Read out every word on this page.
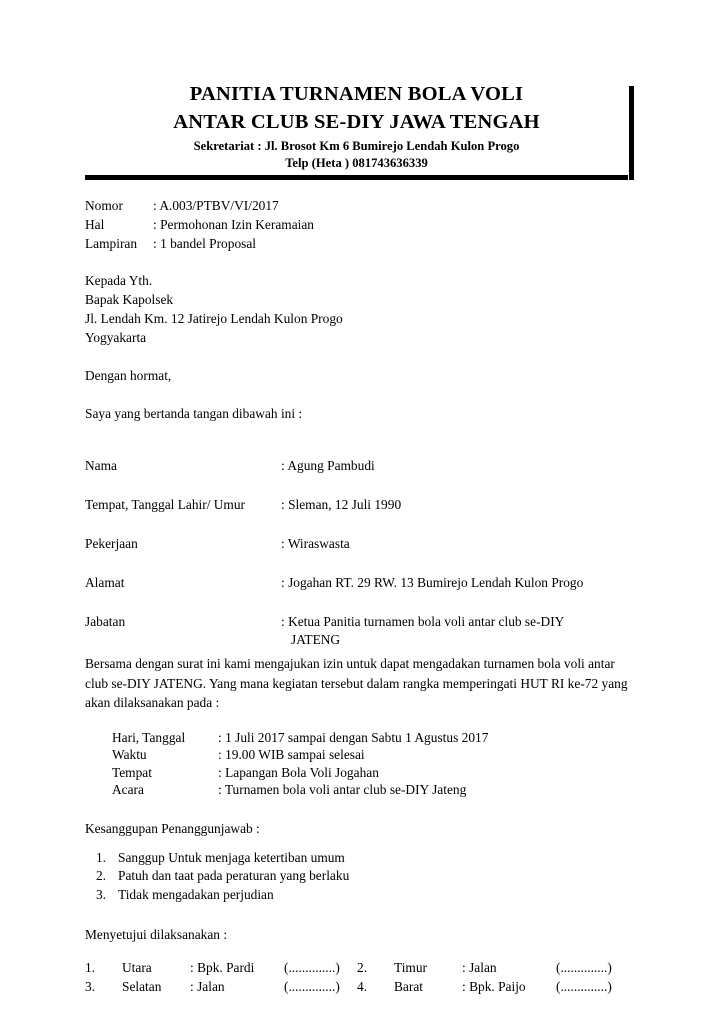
PANITIA TURNAMEN BOLA VOLI
ANTAR CLUB SE-DIY JAWA TENGAH
Sekretariat : Jl. Brosot Km 6 Bumirejo Lendah Kulon Progo
Telp (Heta ) 081743636339
Nomor	: A.003/PTBV/VI/2017
Hal	: Permohonan Izin Keramaian
Lampiran	: 1 bandel Proposal
Kepada Yth.
Bapak Kapolsek
Jl. Lendah Km. 12 Jatirejo Lendah Kulon Progo
Yogyakarta
Dengan hormat,
Saya yang bertanda tangan dibawah ini :
Nama	: Agung Pambudi
Tempat, Tanggal Lahir/ Umur	: Sleman, 12 Juli 1990
Pekerjaan	: Wiraswasta
Alamat	: Jogahan RT. 29 RW. 13 Bumirejo Lendah Kulon Progo
Jabatan	: Ketua Panitia turnamen bola voli antar club se-DIY
JATENG
Bersama dengan surat ini kami mengajukan izin untuk dapat mengadakan turnamen bola voli antar club se-DIY JATENG. Yang mana kegiatan tersebut dalam rangka memperingati HUT RI ke-72 yang akan dilaksanakan pada :
Hari, Tanggal	: 1 Juli 2017 sampai dengan Sabtu 1 Agustus 2017
Waktu	: 19.00 WIB sampai selesai
Tempat	: Lapangan Bola Voli Jogahan
Acara	: Turnamen bola voli antar club se-DIY Jateng
Kesanggupan Penanggunjawab :
1. Sanggup Untuk menjaga ketertiban umum
2. Patuh dan taat pada peraturan yang berlaku
3. Tidak mengadakan perjudian
Menyetujui dilaksanakan :
1.	Utara	: Bpk. Pardi	(..............)	2.	Timur	: Jalan	(..............)
3.	Selatan	: Jalan	(..............)	4.	Barat	: Bpk. Paijo	(..............)
